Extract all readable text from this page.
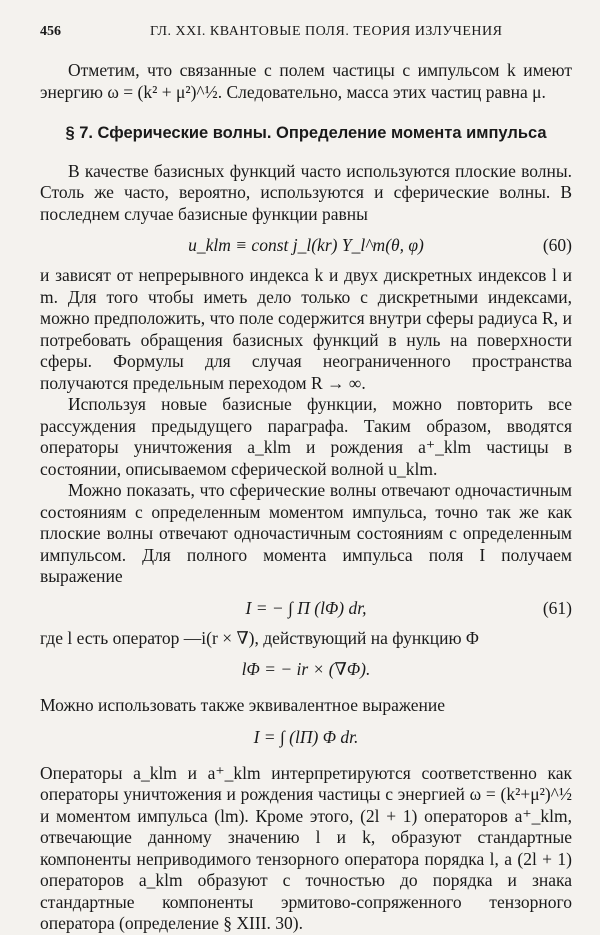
456	ГЛ. XXI. КВАНТОВЫЕ ПОЛЯ. ТЕОРИЯ ИЗЛУЧЕНИЯ

Отметим, что связанные с полем частицы с импульсом k имеют энергию ω = (k² + μ²)^½. Следовательно, масса этих частиц равна μ.

§ 7. Сферические волны. Определение момента импульса

В качестве базисных функций часто используются плоские волны. Столь же часто, вероятно, используются и сферические волны. В последнем случае базисные функции равны

u_klm ≡ const j_l(kr) Y_l^m(θ, φ)	(60)

и зависят от непрерывного индекса k и двух дискретных индексов l и m. Для того чтобы иметь дело только с дискретными индексами, можно предположить, что поле содержится внутри сферы радиуса R, и потребовать обращения базисных функций в нуль на поверхности сферы. Формулы для случая неограниченного пространства получаются предельным переходом R → ∞.

Используя новые базисные функции, можно повторить все рассуждения предыдущего параграфа. Таким образом, вводятся операторы уничтожения a_klm и рождения a⁺_klm частицы в состоянии, описываемом сферической волной u_klm.

Можно показать, что сферические волны отвечают одночастичным состояниям с определенным моментом импульса, точно так же как плоские волны отвечают одночастичным состояниям с определенным импульсом. Для полного момента импульса поля I получаем выражение

I = − ∫ Π (lΦ) dr,	(61)

где l есть оператор —i(r × ∇), действующий на функцию Φ

lΦ = − ir × (∇Φ).

Можно использовать также эквивалентное выражение

I = ∫ (lΠ) Φ dr.

Операторы a_klm и a⁺_klm интерпретируются соответственно как операторы уничтожения и рождения частицы с энергией ω = (k²+μ²)^½ и моментом импульса (lm). Кроме этого, (2l + 1) операторов a⁺_klm, отвечающие данному значению l и k, образуют стандартные компоненты неприводимого тензорного оператора порядка l, а (2l + 1) операторов a_klm образуют с точностью до порядка и знака стандартные компоненты эрмитово-сопряженного тензорного оператора (определение § XIII. 30).
